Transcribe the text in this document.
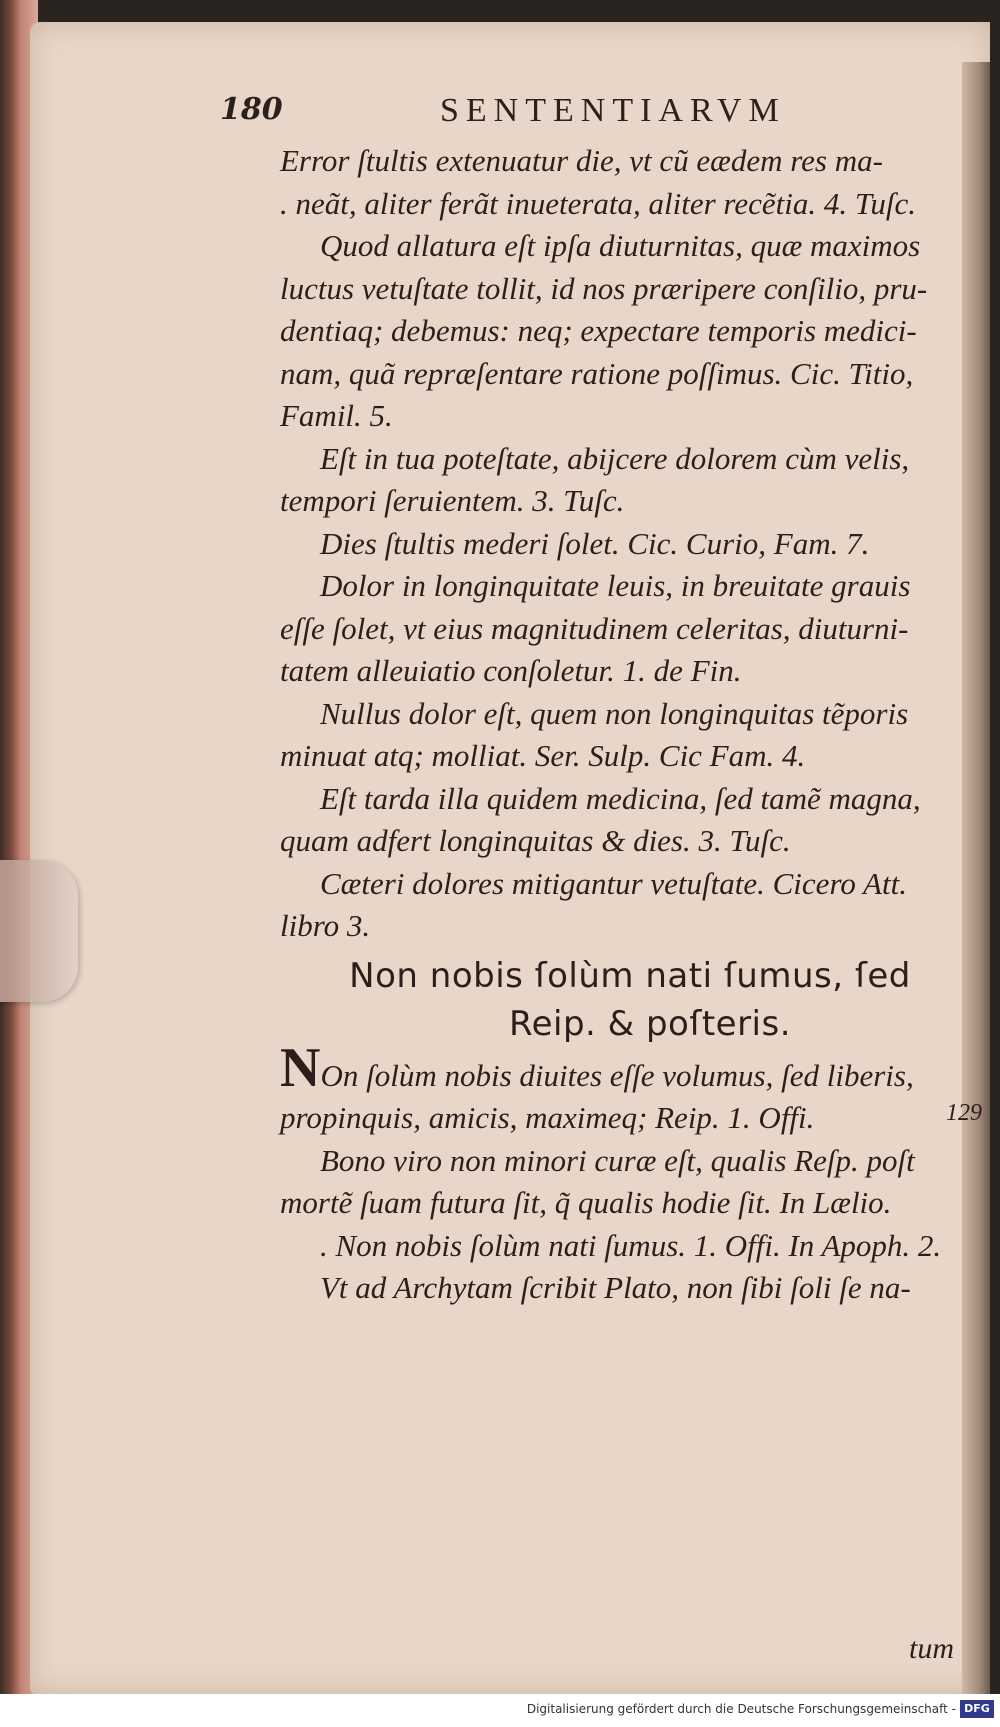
180	SENTENTIARVM
Error ſtultis extenuatur die, vt cũ eædem res ma-
. neãt, aliter ferãt inueterata, aliter recẽtia. 4. Tuſc.
Quod allatura eſt ipſa diuturnitas, quæ maximos
luctus vetuſtate tollit, id nos præripere conſilio, pru-
dentiaq; debemus: neq; expectare temporis medici-
nam, quã repræſentare ratione poſſimus. Cic. Titio,
Famil. 5.
Eſt in tua poteſtate, abijcere dolorem cùm velis,
tempori ſeruientem. 3. Tuſc.
Dies ſtultis mederi ſolet. Cic. Curio, Fam. 7.
Dolor in longinquitate leuis, in breuitate grauis
eſſe ſolet, vt eius magnitudinem celeritas, diuturni-
tatem alleuiatio conſoletur. 1. de Fin.
Nullus dolor eſt, quem non longinquitas tẽporis
minuat atq; molliat. Ser. Sulp. Cic Fam. 4.
Eſt tarda illa quidem medicina, ſed tamẽ magna,
quam adfert longinquitas & dies. 3. Tuſc.
Cæteri dolores mitigantur vetuſtate. Cicero Att.
libro 3.
Non nobis ſolùm nati ſumus, ſed
Reip. & poſteris.
NOn ſolùm nobis diuites eſſe volumus, ſed liberis,
propinquis, amicis, maximeq; Reip. 1. Offi.
Bono viro non minori curæ eſt, qualis Reſp. poſt
mortẽ ſuam futura ſit, q̃ qualis hodie ſit. In Lælio.
. Non nobis ſolùm nati ſumus. 1. Offi. In Apoph. 2.
Vt ad Archytam ſcribit Plato, non ſibi ſoli ſe na-
129
tum
Digitalisierung gefördert durch die Deutsche Forschungsgemeinschaft - DFG
